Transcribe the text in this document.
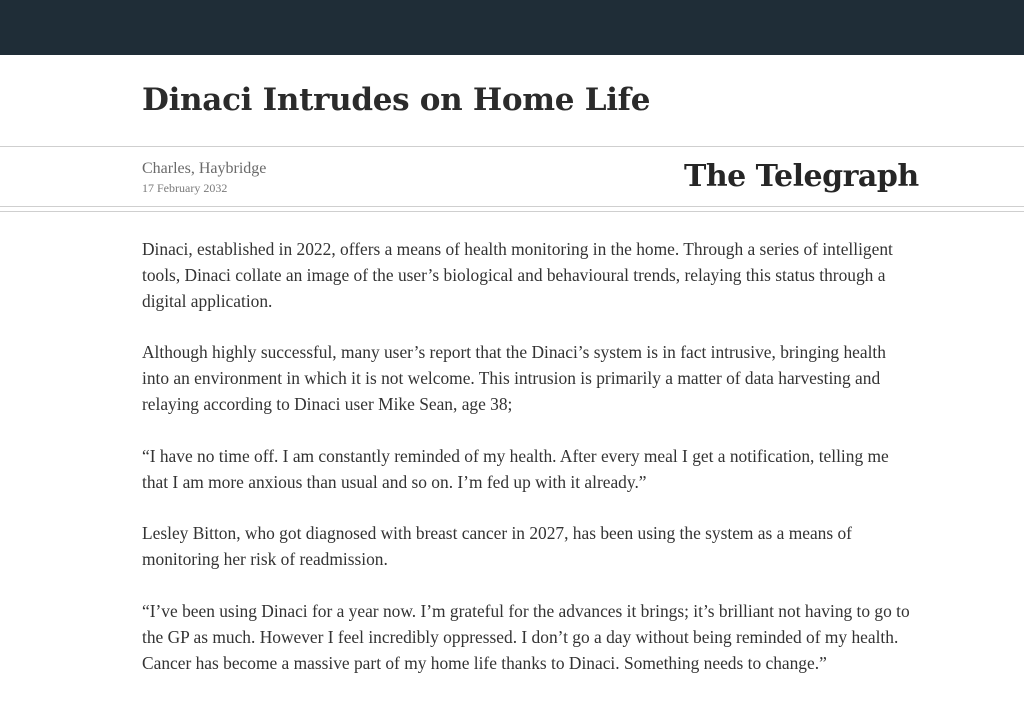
Dinaci Intrudes on Home Life
Charles, Haybridge
17 February 2032	The Telegraph

Dinaci, established in 2022, offers a means of health monitoring in the home. Through a series of intelligent tools, Dinaci collate an image of the user’s biological and behavioural trends, relaying this status through a digital application.

Although highly successful, many user’s report that the Dinaci’s system is in fact intrusive, bringing health into an environment in which it is not welcome. This intrusion is primarily a matter of data harvesting and relaying according to Dinaci user Mike Sean, age 38;

“I have no time off. I am constantly reminded of my health. After every meal I get a notification, telling me that I am more anxious than usual and so on. I’m fed up with it already.”

Lesley Bitton, who got diagnosed with breast cancer in 2027, has been using the system as a means of monitoring her risk of readmission.

“I’ve been using Dinaci for a year now. I’m grateful for the advances it brings; it’s brilliant not having to go to the GP as much. However I feel incredibly oppressed. I don’t go a day without being reminded of my health. Cancer has become a massive part of my home life thanks to Dinaci. Something needs to change.”
